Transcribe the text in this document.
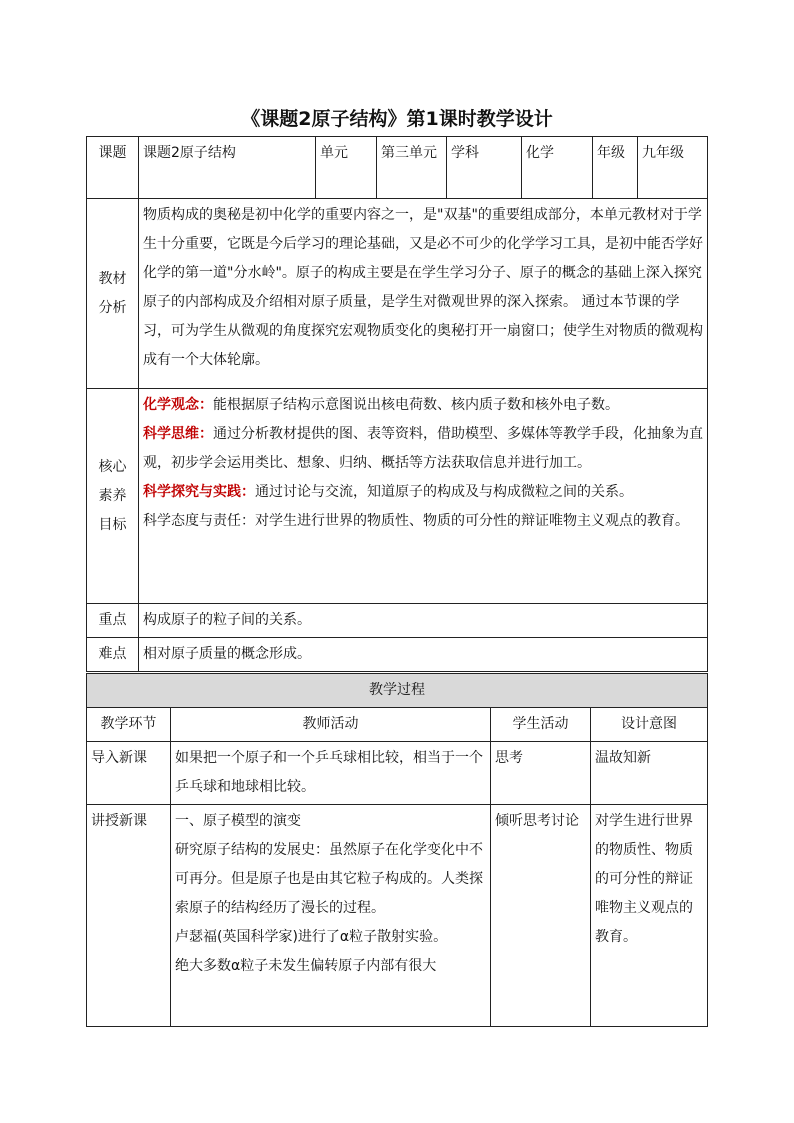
《课题2原子结构》第1课时教学设计
课题	课题2原子结构	单元	第三单元	学科	化学	年级	九年级
教材分析	物质构成的奥秘是初中化学的重要内容之一，是"双基"的重要组成部分，本单元教材对于学生十分重要，它既是今后学习的理论基础，又是必不可少的化学学习工具，是初中能否学好化学的第一道"分水岭"。原子的构成主要是在学生学习分子、原子的概念的基础上深入探究原子的内部构成及介绍相对原子质量，是学生对微观世界的深入探索。 通过本节课的学习，可为学生从微观的角度探究宏观物质变化的奥秘打开一扇窗口；使学生对物质的微观构成有一个大体轮廓。						
核心素养目标	化学观念：能根据原子结构示意图说出核电荷数、核内质子数和核外电子数。
科学思维：通过分析教材提供的图、表等资料，借助模型、多媒体等教学手段，化抽象为直观，初步学会运用类比、想象、归纳、概括等方法获取信息并进行加工。
科学探究与实践：通过讨论与交流，知道原子的构成及与构成微粒之间的关系。
科学态度与责任：对学生进行世界的物质性、物质的可分性的辩证唯物主义观点的教育。						

重点	构成原子的粒子间的关系。						
难点	相对原子质量的概念形成。						
教学过程			
教学环节	教师活动	学生活动	设计意图
导入新课	如果把一个原子和一个乒乓球相比较，相当于一个乒乓球和地球相比较。	思考	温故知新
讲授新课	一、原子模型的演变
研究原子结构的发展史：虽然原子在化学变化中不可再分。但是原子也是由其它粒子构成的。人类探索原子的结构经历了漫长的过程。
卢瑟福(英国科学家)进行了α粒子散射实验。
绝大多数α粒子未发生偏转原子内部有很大	倾听思考讨论	对学生进行世界的物质性、物质的可分性的辩证唯物主义观点的教育。
